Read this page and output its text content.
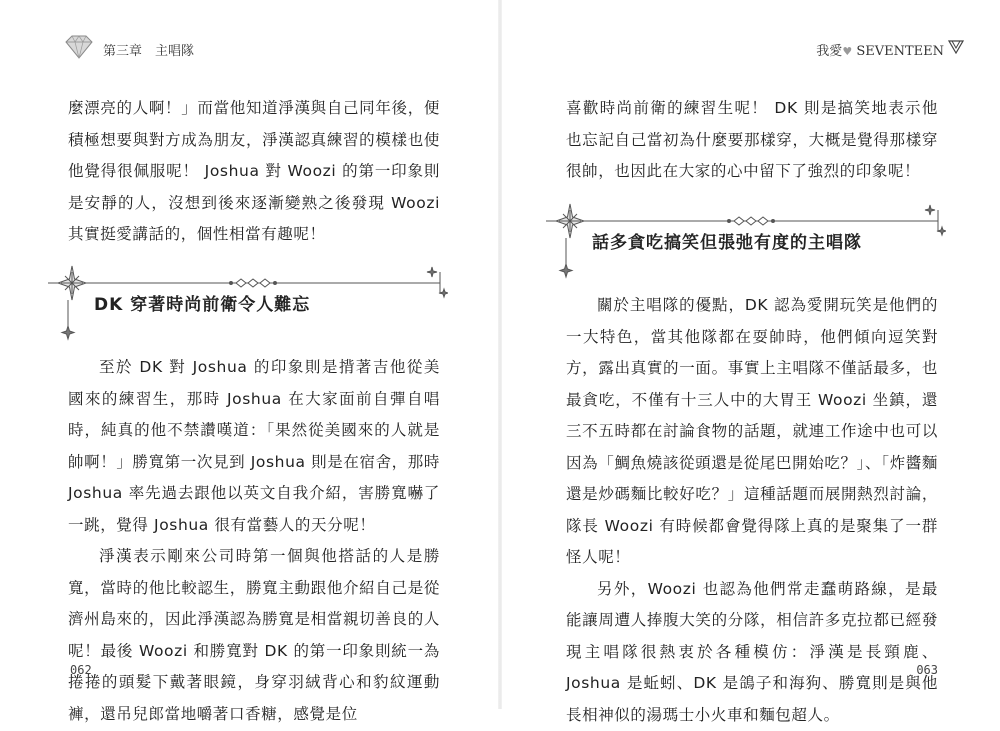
第三章　主唱隊

麼漂亮的人啊！」而當他知道淨漢與自己同年後，便積極想要與對方成為朋友，淨漢認真練習的模樣也使他覺得很佩服呢！ Joshua 對 Woozi 的第一印象則是安靜的人，沒想到後來逐漸變熟之後發現 Woozi 其實挺愛講話的，個性相當有趣呢！

DK 穿著時尚前衛令人難忘

至於 DK 對 Joshua 的印象則是揹著吉他從美國來的練習生，那時 Joshua 在大家面前自彈自唱時，純真的他不禁讚嘆道：「果然從美國來的人就是帥啊！」勝寬第一次見到 Joshua 則是在宿舍，那時 Joshua 率先過去跟他以英文自我介紹，害勝寬嚇了一跳，覺得 Joshua 很有當藝人的天分呢！

淨漢表示剛來公司時第一個與他搭話的人是勝寬，當時的他比較認生，勝寬主動跟他介紹自己是從濟州島來的，因此淨漢認為勝寬是相當親切善良的人呢！最後 Woozi 和勝寬對 DK 的第一印象則統一為捲捲的頭髮下戴著眼鏡，身穿羽絨背心和豹紋運動褲，還吊兒郎當地嚼著口香糖，感覺是位

062
我愛♥ SEVENTEEN

喜歡時尚前衛的練習生呢！ DK 則是搞笑地表示他也忘記自己當初為什麼要那樣穿，大概是覺得那樣穿很帥，也因此在大家的心中留下了強烈的印象呢！

話多貪吃搞笑但張弛有度的主唱隊

關於主唱隊的優點，DK 認為愛開玩笑是他們的一大特色，當其他隊都在耍帥時，他們傾向逗笑對方，露出真實的一面。事實上主唱隊不僅話最多，也最貪吃，不僅有十三人中的大胃王 Woozi 坐鎮，還三不五時都在討論食物的話題，就連工作途中也可以因為「鯛魚燒該從頭還是從尾巴開始吃？」、「炸醬麵還是炒碼麵比較好吃？」這種話題而展開熱烈討論，隊長 Woozi 有時候都會覺得隊上真的是聚集了一群怪人呢！

另外，Woozi 也認為他們常走蠢萌路線，是最能讓周遭人捧腹大笑的分隊，相信許多克拉都已經發現主唱隊很熱衷於各種模仿：淨漢是長頸鹿、Joshua 是蚯蚓、DK 是鴿子和海狗、勝寬則是與他長相神似的湯瑪士小火車和麵包超人。

063
